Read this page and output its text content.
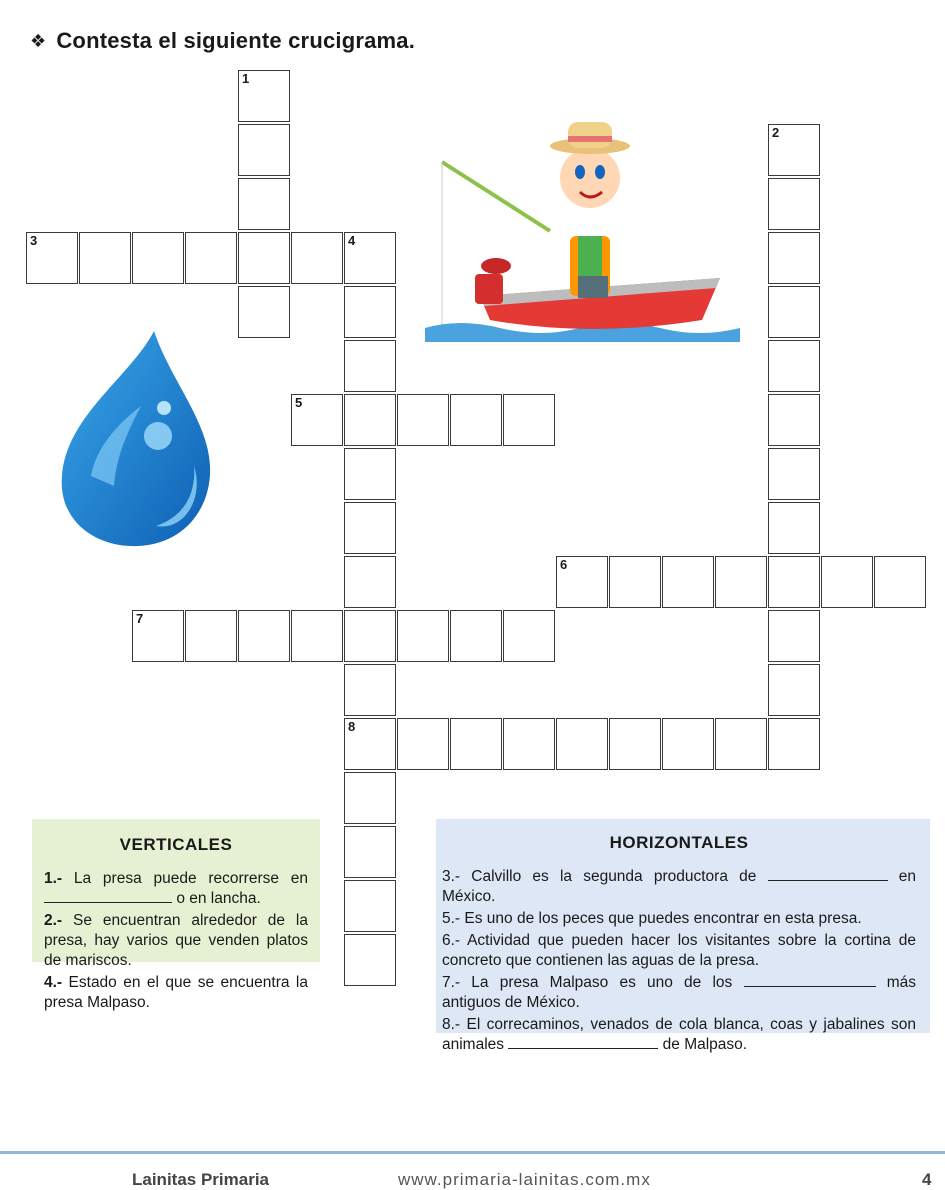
❖ Contesta el siguiente crucigrama.
1
3	4
5
7
8
2
6
VERTICALES

1.- La presa puede recorrerse en  o en lancha.

2.- Se encuentran alrededor de la presa, hay varios que venden platos de mariscos.

4.- Estado en el que se encuentra la presa Malpaso.

HORIZONTALES

3.- Calvillo es la segunda productora de	en México.

5.- Es uno de los peces que puedes encontrar en esta presa.

6.- Actividad que pueden hacer los visitantes sobre la cortina de concreto que contienen las aguas de la presa.

7.- La presa Malpaso es uno de los	más antiguos de México.

8.- El correcaminos, venados de cola blanca, coas y jabalines son animales	de Malpaso.

Lainitas Primaria	www.primaria-lainitas.com.mx	4
